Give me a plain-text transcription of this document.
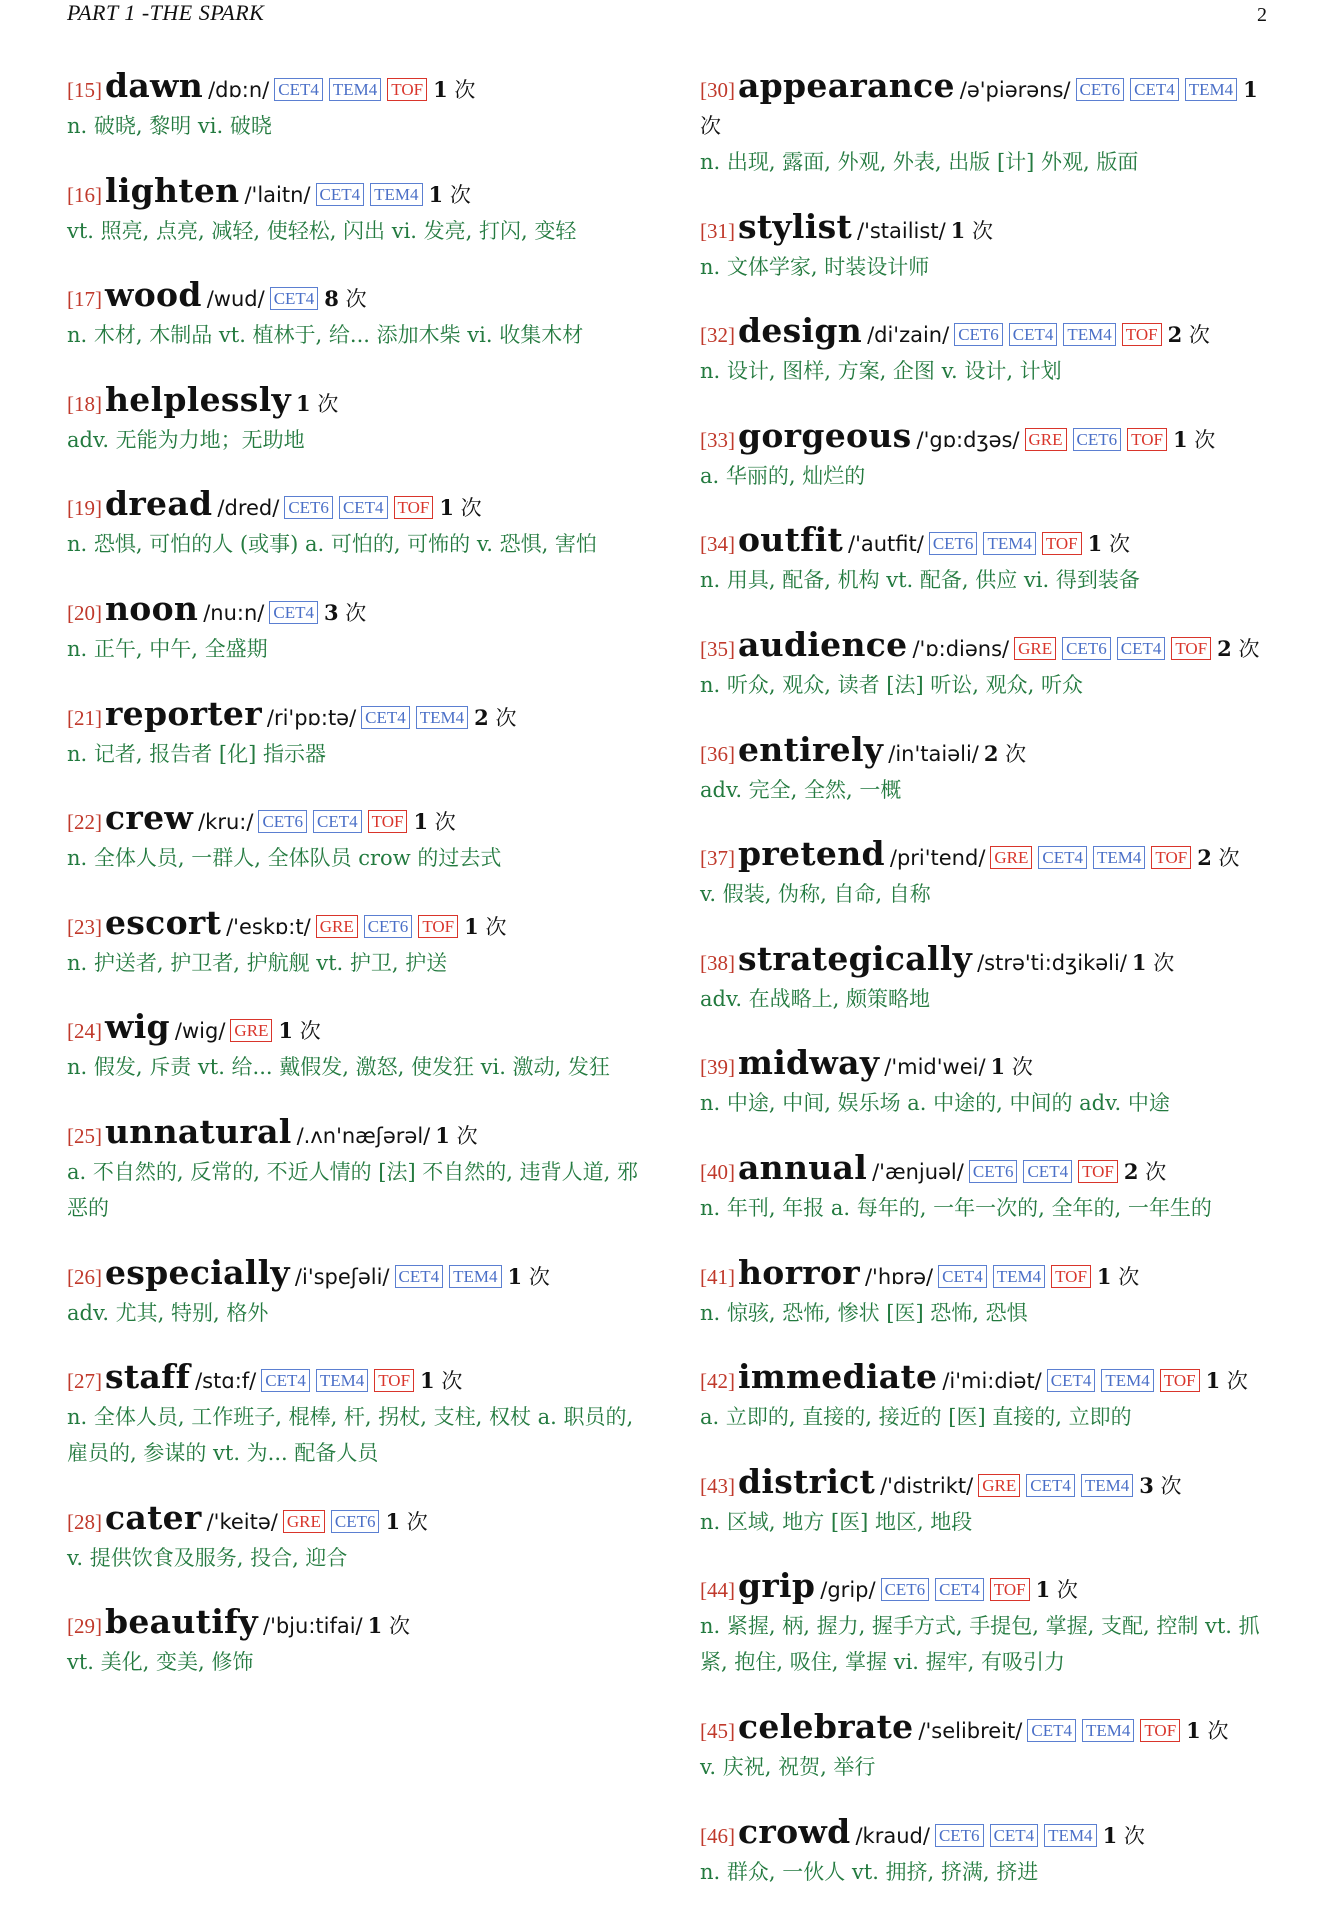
PART 1 -THE SPARK	2
[15]dawn /dɒ:n/ CET4 TEM4 TOF 1 次
n. 破晓, 黎明 vi. 破晓
[16]lighten /'laitn/ CET4 TEM4 1 次
vt. 照亮, 点亮, 减轻, 使轻松, 闪出 vi. 发亮, 打闪, 变轻
[17]wood /wud/ CET4 8 次
n. 木材, 木制品 vt. 植林于, 给... 添加木柴 vi. 收集木材
[18]helplessly 1 次
adv. 无能为力地；无助地
[19]dread /dred/ CET6 CET4 TOF 1 次
n. 恐惧, 可怕的人 (或事) a. 可怕的, 可怖的 v. 恐惧, 害怕
[20]noon /nu:n/ CET4 3 次
n. 正午, 中午, 全盛期
[21]reporter /ri'pɒ:tə/ CET4 TEM4 2 次
n. 记者, 报告者 [化] 指示器
[22]crew /kru:/ CET6 CET4 TOF 1 次
n. 全体人员, 一群人, 全体队员 crow 的过去式
[23]escort /'eskɒ:t/ GRE CET6 TOF 1 次
n. 护送者, 护卫者, 护航舰 vt. 护卫, 护送
[24]wig /wig/ GRE 1 次
n. 假发, 斥责 vt. 给... 戴假发, 激怒, 使发狂 vi. 激动, 发狂
[25]unnatural /.ʌn'næʃərəl/ 1 次
a. 不自然的, 反常的, 不近人情的 [法] 不自然的, 违背人道, 邪恶的
[26]especially /i'speʃəli/ CET4 TEM4 1 次
adv. 尤其, 特别, 格外
[27]staff /stɑ:f/ CET4 TEM4 TOF 1 次
n. 全体人员, 工作班子, 棍棒, 杆, 拐杖, 支柱, 权杖 a. 职员的, 雇员的, 参谋的 vt. 为... 配备人员
[28]cater /'keitə/ GRE CET6 1 次
v. 提供饮食及服务, 投合, 迎合
[29]beautify /'bju:tifai/ 1 次
vt. 美化, 变美, 修饰
[30]appearance /ə'piərəns/ CET6 CET4 TEM4 1 次
n. 出现, 露面, 外观, 外表, 出版 [计] 外观, 版面
[31]stylist /'stailist/ 1 次
n. 文体学家, 时装设计师
[32]design /di'zain/ CET6 CET4 TEM4 TOF 2 次
n. 设计, 图样, 方案, 企图 v. 设计, 计划
[33]gorgeous /'gɒ:dʒəs/ GRE CET6 TOF 1 次
a. 华丽的, 灿烂的
[34]outfit /'autfit/ CET6 TEM4 TOF 1 次
n. 用具, 配备, 机构 vt. 配备, 供应 vi. 得到装备
[35]audience /'ɒ:diəns/ GRE CET6 CET4 TOF 2 次
n. 听众, 观众, 读者 [法] 听讼, 观众, 听众
[36]entirely /in'taiəli/ 2 次
adv. 完全, 全然, 一概
[37]pretend /pri'tend/ GRE CET4 TEM4 TOF 2 次
v. 假装, 伪称, 自命, 自称
[38]strategically /strə'ti:dʒikəli/ 1 次
adv. 在战略上, 颇策略地
[39]midway /'mid'wei/ 1 次
n. 中途, 中间, 娱乐场 a. 中途的, 中间的 adv. 中途
[40]annual /'ænjuəl/ CET6 CET4 TOF 2 次
n. 年刊, 年报 a. 每年的, 一年一次的, 全年的, 一年生的
[41]horror /'hɒrə/ CET4 TEM4 TOF 1 次
n. 惊骇, 恐怖, 惨状 [医] 恐怖, 恐惧
[42]immediate /i'mi:diət/ CET4 TEM4 TOF 1 次
a. 立即的, 直接的, 接近的 [医] 直接的, 立即的
[43]district /'distrikt/ GRE CET4 TEM4 3 次
n. 区域, 地方 [医] 地区, 地段
[44]grip /grip/ CET6 CET4 TOF 1 次
n. 紧握, 柄, 握力, 握手方式, 手提包, 掌握, 支配, 控制 vt. 抓紧, 抱住, 吸住, 掌握 vi. 握牢, 有吸引力
[45]celebrate /'selibreit/ CET4 TEM4 TOF 1 次
v. 庆祝, 祝贺, 举行
[46]crowd /kraud/ CET6 CET4 TEM4 1 次
n. 群众, 一伙人 vt. 拥挤, 挤满, 挤进
